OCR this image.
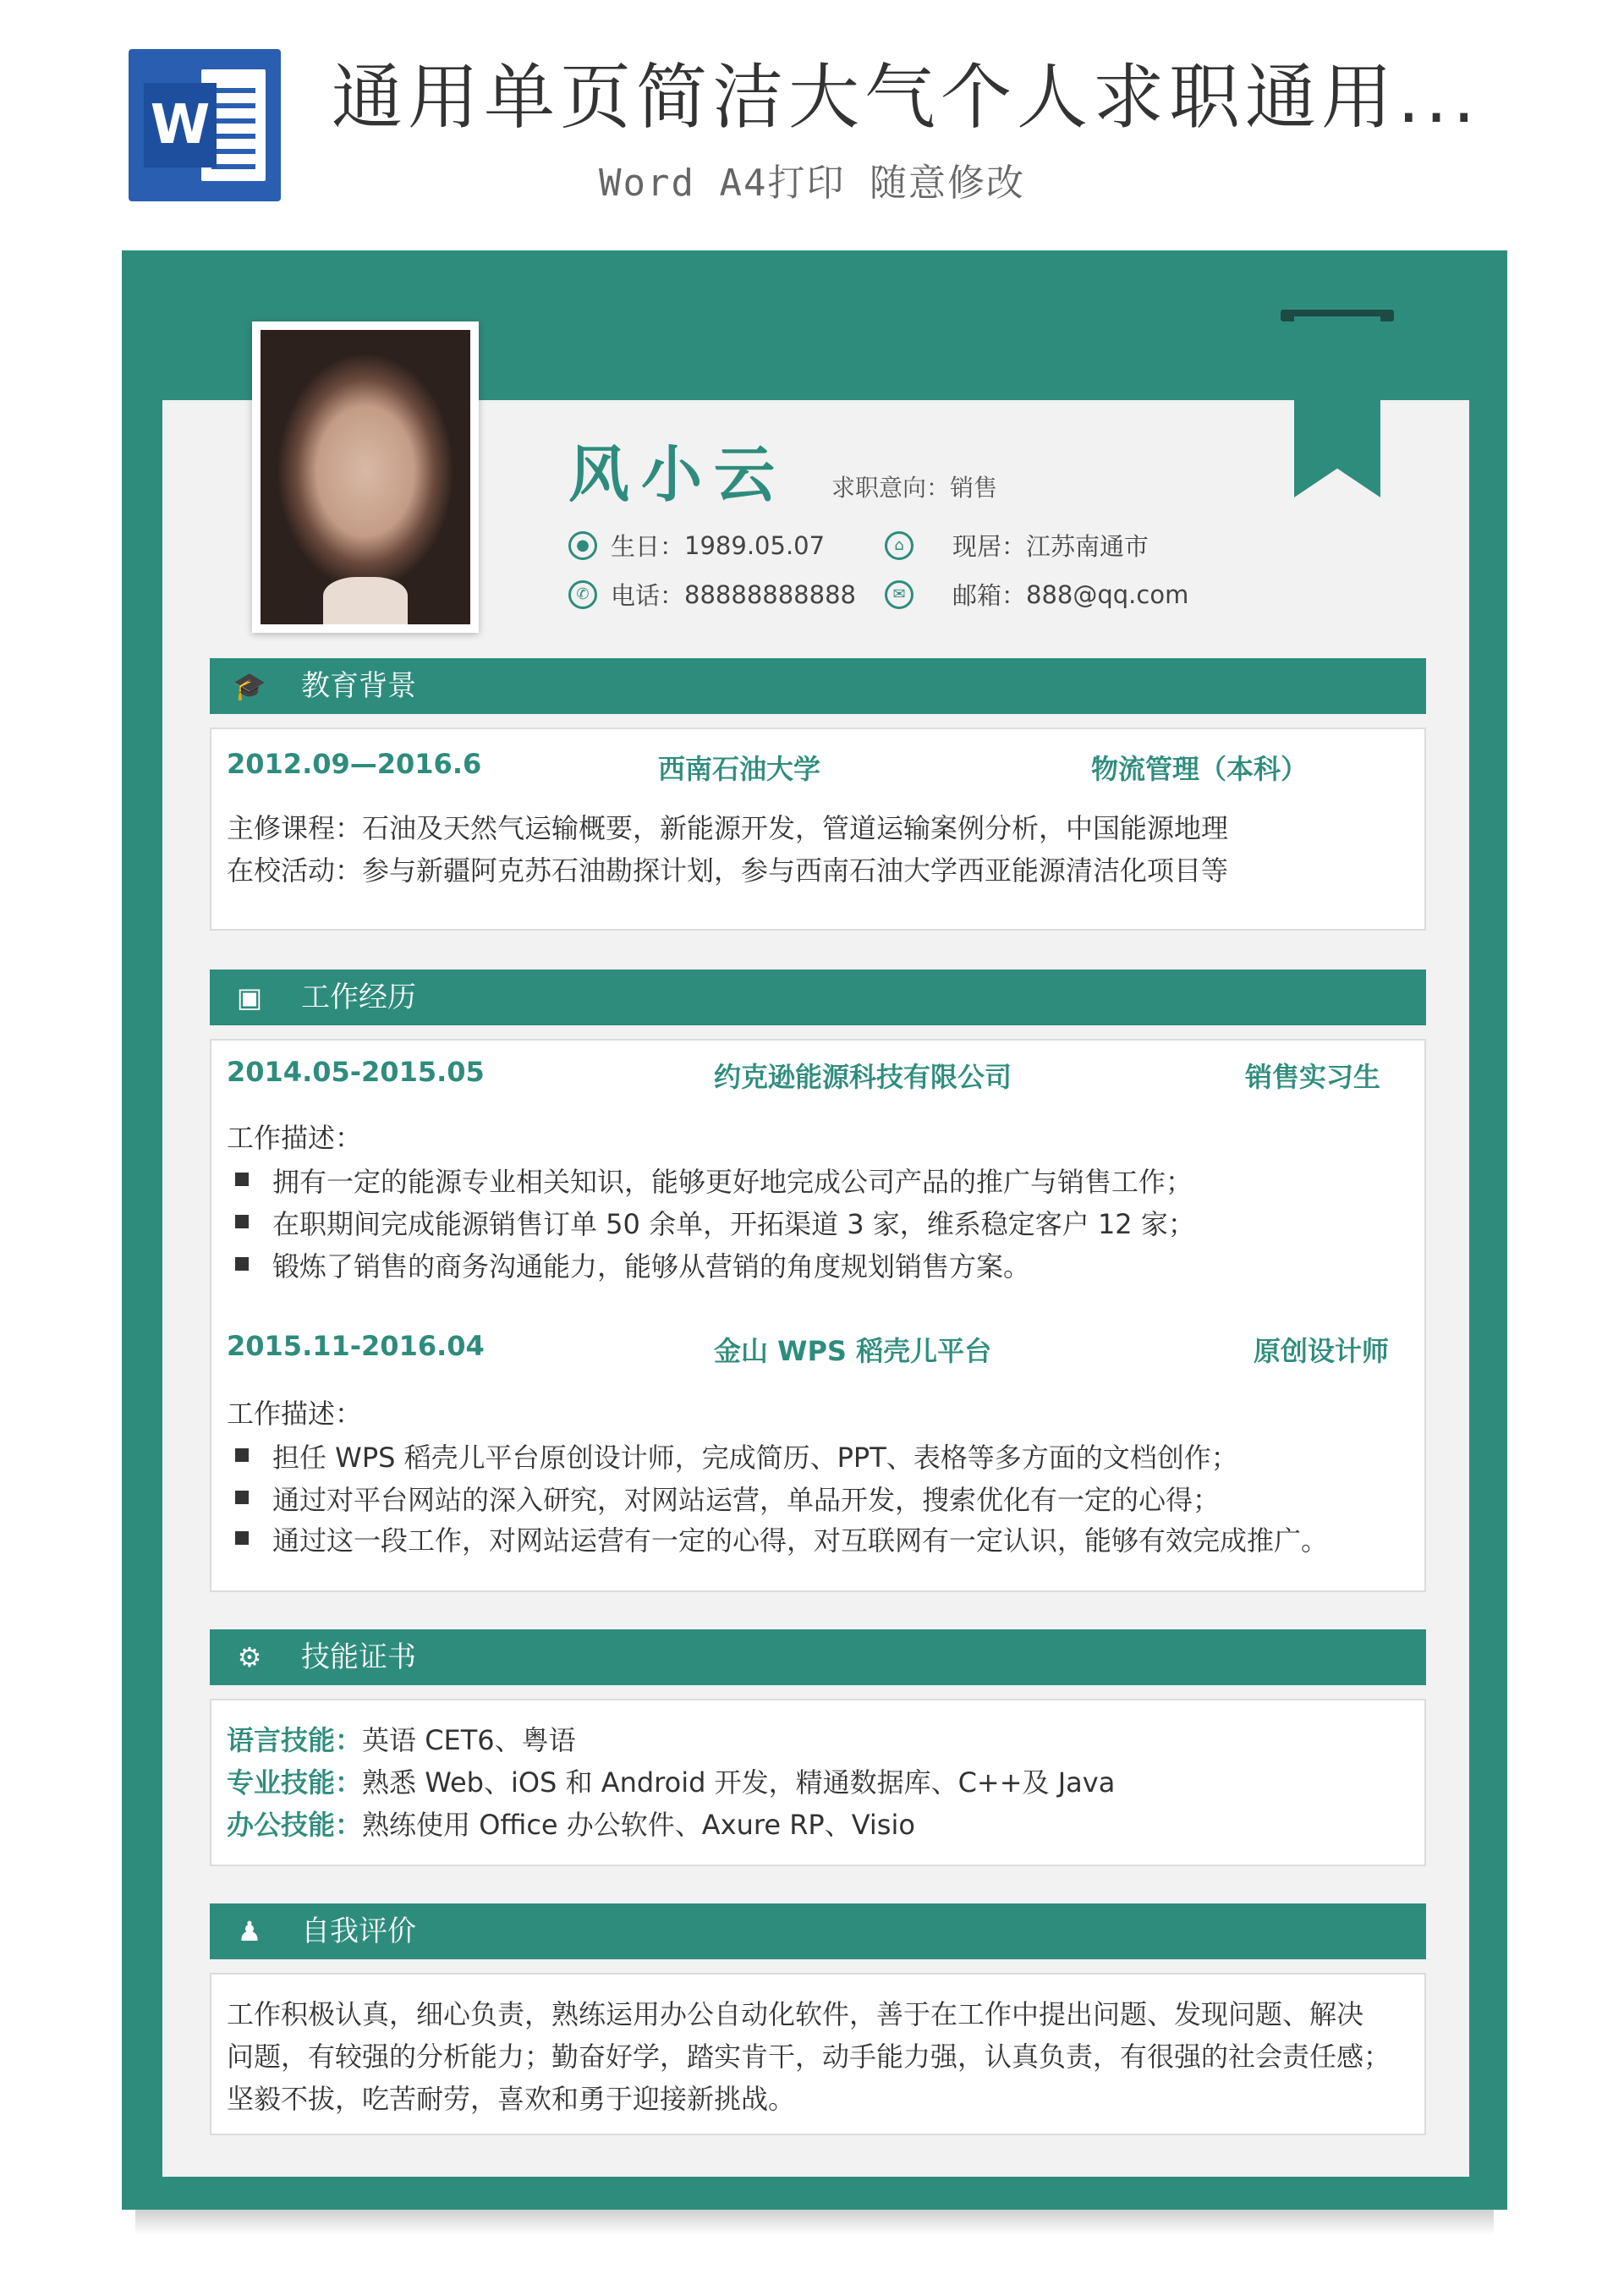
W 通用单页简洁大气个人求职通用...
Word A4打印 随意修改
风小云 求职意向：销售
● 生日： 1989.05.07	⌂	现居： 江苏南通市
✆ 电话： 88888888888	✉	邮箱： 888@qq.com
🎓 教育背景
2012.09—2016.6	西南石油大学	物流管理（本科）
主修课程：石油及天然气运输概要，新能源开发，管道运输案例分析，中国能源地理
在校活动：参与新疆阿克苏石油勘探计划，参与西南石油大学西亚能源清洁化项目等
▣ 工作经历
2014.05-2015.05	约克逊能源科技有限公司	销售实习生
工作描述：
拥有一定的能源专业相关知识，能够更好地完成公司产品的推广与销售工作；
在职期间完成能源销售订单 50 余单，开拓渠道 3 家，维系稳定客户 12 家；
锻炼了销售的商务沟通能力，能够从营销的角度规划销售方案。
2015.11-2016.04	金山 WPS 稻壳儿平台	原创设计师
工作描述：
担任 WPS 稻壳儿平台原创设计师，完成简历、PPT、表格等多方面的文档创作；
通过对平台网站的深入研究，对网站运营，单品开发，搜索优化有一定的心得；
通过这一段工作，对网站运营有一定的心得，对互联网有一定认识，能够有效完成推广。
⚙ 技能证书
语言技能：英语 CET6、粤语
专业技能：熟悉 Web、iOS 和 Android 开发，精通数据库、C++及 Java
办公技能：熟练使用 Office 办公软件、Axure RP、Visio
♟ 自我评价
工作积极认真，细心负责，熟练运用办公自动化软件，善于在工作中提出问题、发现问题、解决
问题，有较强的分析能力；勤奋好学，踏实肯干，动手能力强，认真负责，有很强的社会责任感；
坚毅不拔，吃苦耐劳，喜欢和勇于迎接新挑战。
